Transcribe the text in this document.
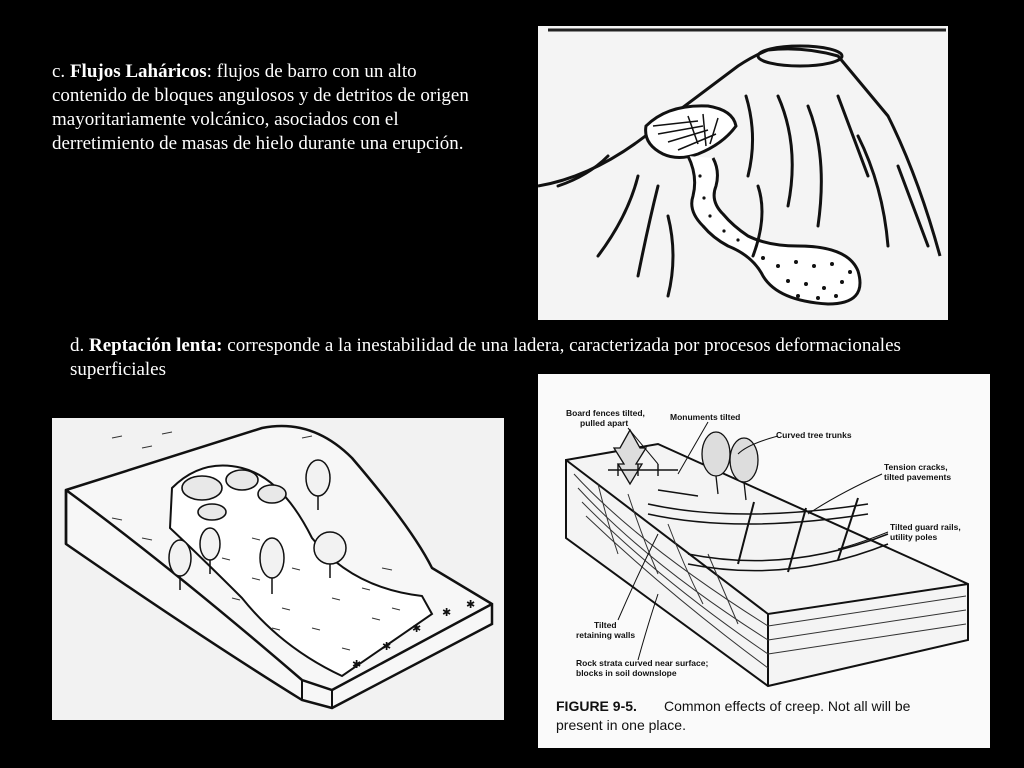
c. Flujos Laháricos: flujos de barro con un alto contenido de bloques angulosos y de detritos de origen mayoritariamente volcánico, asociados con el derretimiento de masas de hielo durante una erupción.
d. Reptación lenta: corresponde a la inestabilidad de una ladera, caracterizada por procesos deformacionales superficiales
✱
✱
✱
✱
✱
Board fences tilted,
pulled apart
Monuments tilted
Curved tree trunks
Tension cracks,
tilted pavements
Tilted guard rails,
utility poles
Tilted
retaining walls
Rock strata curved near surface;
blocks in soil downslope
FIGURE 9-5. Common effects of creep. Not all will be
present in one place.
